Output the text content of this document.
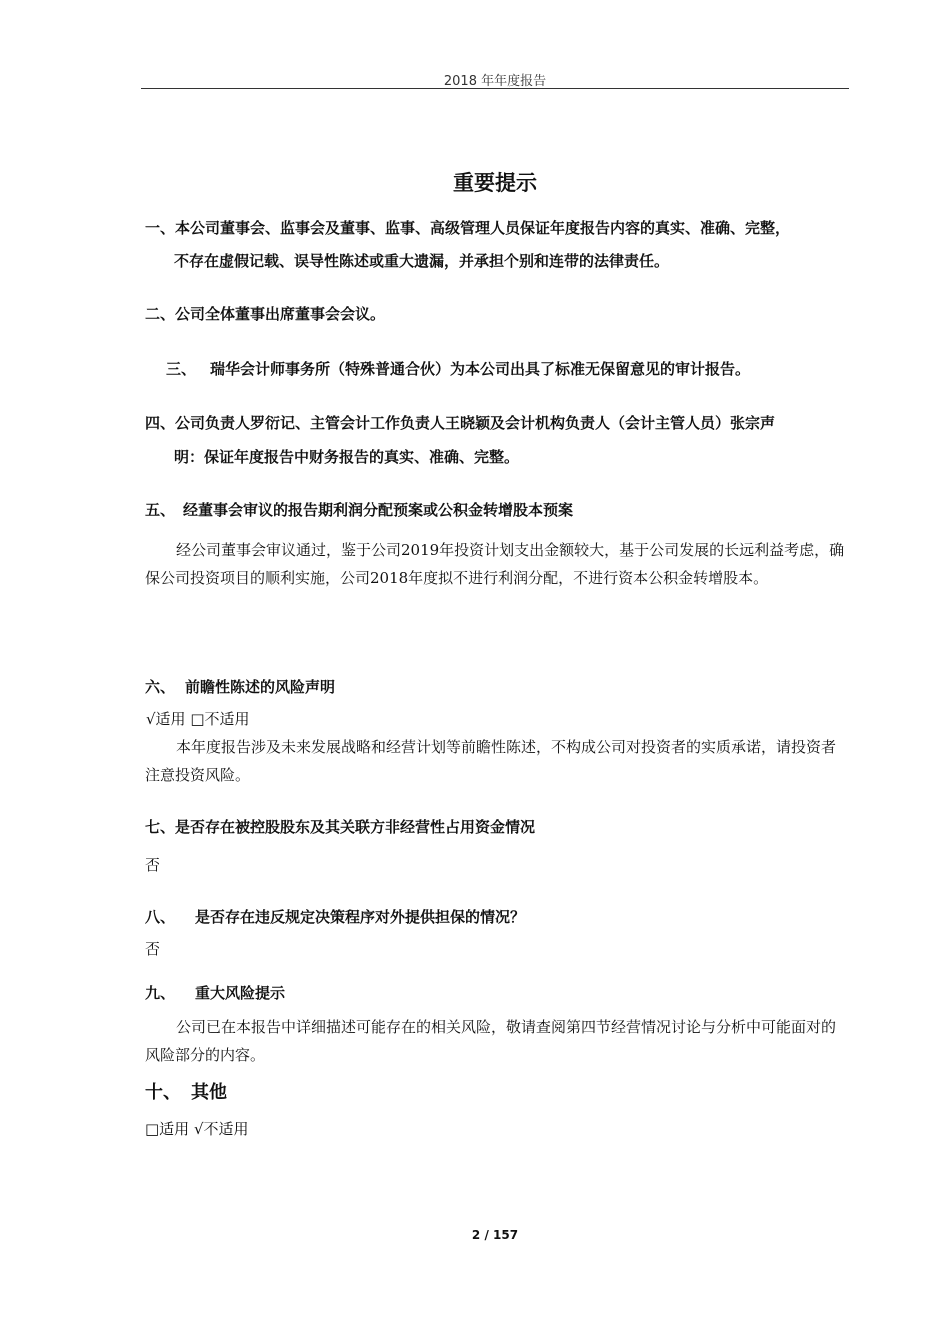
2018 年年度报告
重要提示
一、本公司董事会、监事会及董事、监事、高级管理人员保证年度报告内容的真实、准确、完整，
不存在虚假记载、误导性陈述或重大遗漏，并承担个别和连带的法律责任。
二、公司全体董事出席董事会会议。
三、 瑞华会计师事务所（特殊普通合伙）为本公司出具了标准无保留意见的审计报告。
四、公司负责人罗衍记、主管会计工作负责人王晓颖及会计机构负责人（会计主管人员）张宗声
明：保证年度报告中财务报告的真实、准确、完整。
五、 经董事会审议的报告期利润分配预案或公积金转增股本预案
经公司董事会审议通过，鉴于公司2019年投资计划支出金额较大，基于公司发展的长远利益考虑，确保公司投资项目的顺利实施，公司2018年度拟不进行利润分配，不进行资本公积金转增股本。
六、 前瞻性陈述的风险声明
√适用 □不适用
本年度报告涉及未来发展战略和经营计划等前瞻性陈述，不构成公司对投资者的实质承诺，请投资者注意投资风险。
七、是否存在被控股股东及其关联方非经营性占用资金情况
否
八、 是否存在违反规定决策程序对外提供担保的情况？
否
九、 重大风险提示
公司已在本报告中详细描述可能存在的相关风险，敬请查阅第四节经营情况讨论与分析中可能面对的风险部分的内容。
十、 其他
□适用 √不适用
2 / 157
